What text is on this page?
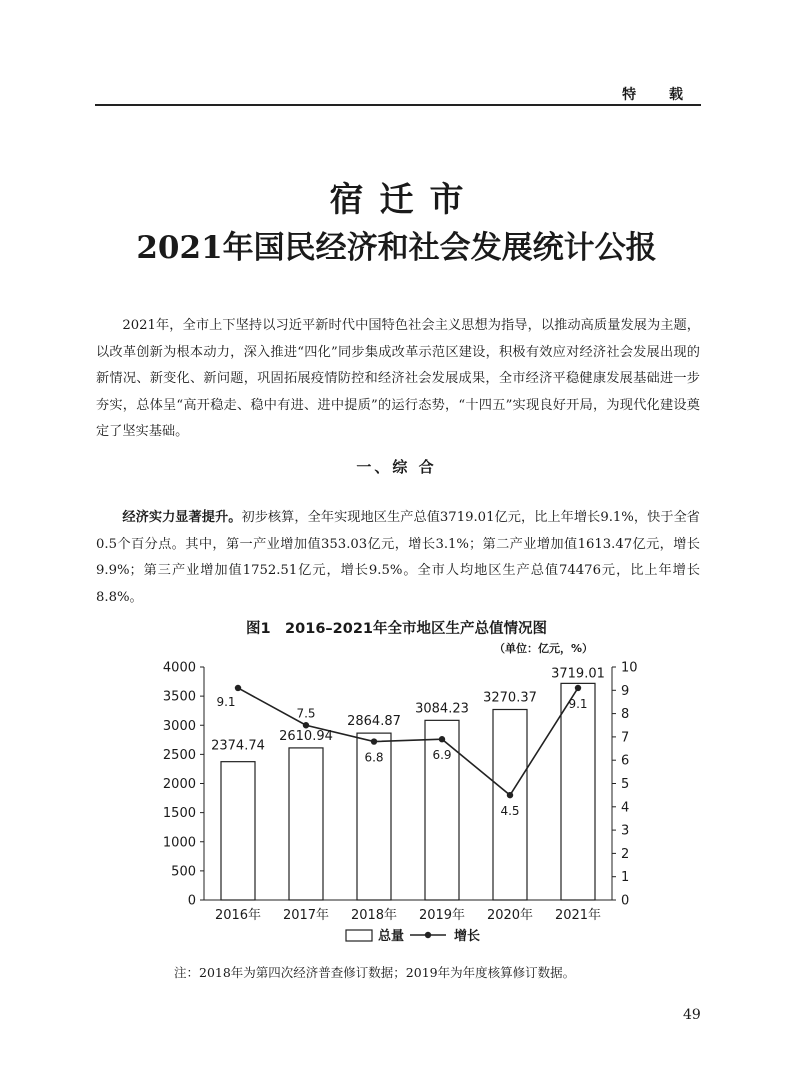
特 载
宿迁市
2021年国民经济和社会发展统计公报

2021年，全市上下坚持以习近平新时代中国特色社会主义思想为指导，以推动高质量发展为主题，以改革创新为根本动力，深入推进“四化”同步集成改革示范区建设，积极有效应对经济社会发展出现的新情况、新变化、新问题，巩固拓展疫情防控和经济社会发展成果，全市经济平稳健康发展基础进一步夯实，总体呈“高开稳走、稳中有进、进中提质”的运行态势，“十四五”实现良好开局，为现代化建设奠定了坚实基础。

一、综 合

经济实力显著提升。初步核算，全年实现地区生产总值3719.01亿元，比上年增长9.1%，快于全省0.5个百分点。其中，第一产业增加值353.03亿元，增长3.1%；第二产业增加值1613.47亿元，增长9.9%；第三产业增加值1752.51亿元，增长9.5%。全市人均地区生产总值74476元，比上年增长8.8%。

图1　2016–2021年全市地区生产总值情况图
（单位：亿元，%）
0
500
1000
1500
2000
2500
3000
3500
4000
0
1
2
3
4
5
6
7
8
9
10
2374.74
2610.94
2864.87
3084.23
3270.37
3719.01
9.1
7.5
6.8	6.9
4.5
9.1
2016年 2017年 2018年 2019年 2020年 2021年
总量	增长
注：2018年为第四次经济普查修订数据；2019年为年度核算修订数据。
49
